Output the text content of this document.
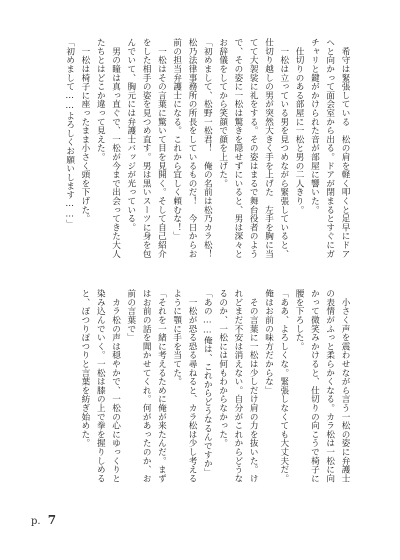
　希守は緊張している　松の肩を軽く叩くと足早にドアへと向かって面会室から出る。ドアが閉まるとすぐにガチャリと鍵がかけられた音が部屋に響いた。

　仕切りのある部屋に一松と男の二人きり。

　一松は立っている男を見つめながら緊張していると、仕切り越しの男が突然大きく手を上げた　左手を胸に当てて大袈裟に礼をする。その姿はまるで舞台役者のようで、その姿に一松は驚きを隠せずにいると、男は深々とお辞儀をしてから笑顔で顔を上げた。

「初めまして、松野一松君！　俺の名前は松乃カラ松！　松乃法律事務所の所長をしているものだ！　今日からお前の担当弁護士になる。これから宜しく頼むな！」

　一松はその言葉に驚いて目を見開く。そして自己紹介をした相手の姿を見つめ直す。男は黒いスーツに身を包んでいて、胸元には弁護士バッジが光っている。

　男の瞳は真っ直ぐで、一松が今まで出会ってきた大人たちとはどこか違って見えた。

　一松は椅子に座ったまま小さく頭を下げた。

「初めまして……よろしくお願いします……」

　小さく声を震わせながら言う一松の姿に弁護士の表情がふっと柔らかくなる。カラ松は一松に向かって微笑みかけると、仕切りの向こうで椅子に腰を下ろした。

「ああ、よろしくな。緊張しなくても大丈夫だ。俺はお前の味方だからな」

　その言葉に一松は少しだけ肩の力を抜いた。けれどまだ不安は消えない。自分がこれからどうなるのか、一松には何もわからなかった。

「あの……俺は、これからどうなるんですか」

　一松が恐る恐る尋ねると、カラ松は少し考えるように顎に手を当てた。

「それを一緒に考えるために俺が来たんだ。まずはお前の話を聞かせてくれ。何があったのか、お前の言葉で」

　カラ松の声は穏やかで、一松の心にゆっくりと染み込んでいく。一松は膝の上で拳を握りしめると、ぽつりぽつりと言葉を紡ぎ始めた。

p. 7
